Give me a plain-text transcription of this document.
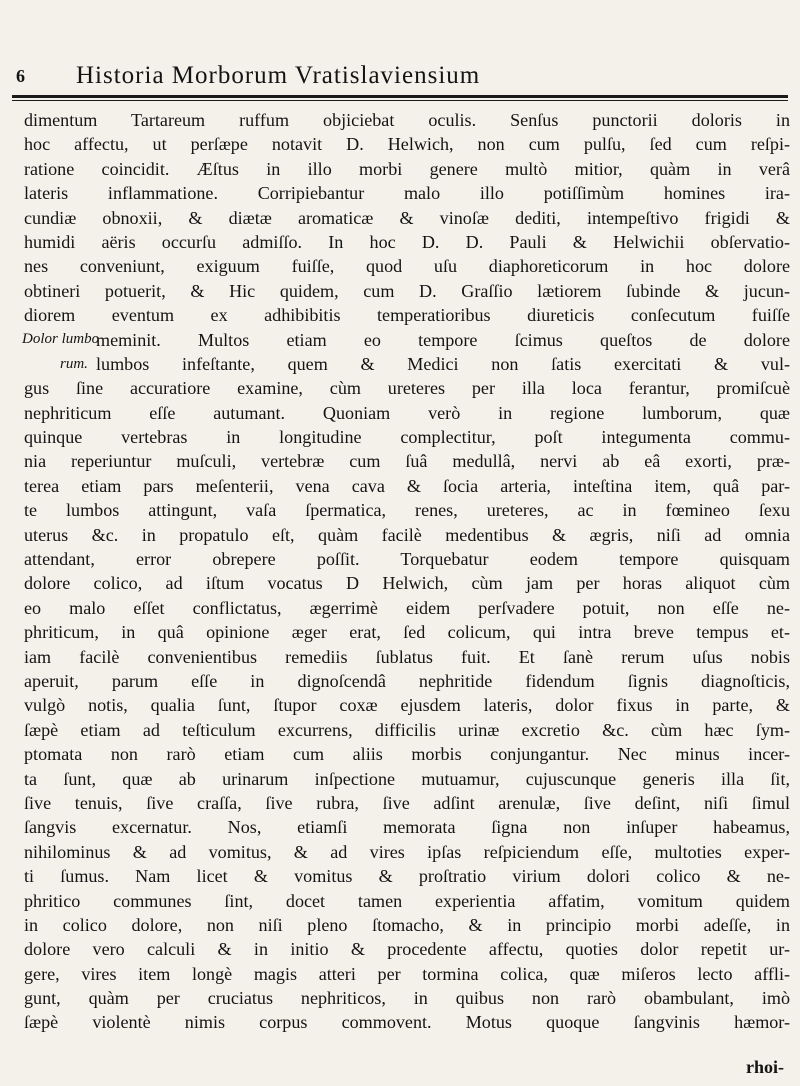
6 Historia Morborum Vratislaviensium
dimentum Tartareum ruffum objiciebat oculis. Senſus punctorii doloris in
hoc affectu, ut perſæpe notavit D. Helwich, non cum pulſu, ſed cum reſpi-
ratione coincidit. Æſtus in illo morbi genere multò mitior, quàm in verâ
lateris inflammatione. Corripiebantur malo illo potiſſimùm homines ira-
cundiæ obnoxii, & diætæ aromaticæ & vinoſæ dediti, intempeſtivo frigidi &
humidi aëris occurſu admiſſo. In hoc D. D. Pauli & Helwichii obſervatio-
nes conveniunt, exiguum fuiſſe, quod uſu diaphoreticorum in hoc dolore
obtineri potuerit, & Hic quidem, cum D. Graſſio lætiorem ſubinde & jucun-
diorem eventum ex adhibibitis temperatioribus diureticis conſecutum fuiſſe
meminit. Multos etiam eo tempore ſcimus queſtos de dolore
lumbos infeſtante, quem & Medici non ſatis exercitati & vul-
gus ſine accuratiore examine, cùm ureteres per illa loca ferantur, promiſcuè
nephriticum eſſe autumant. Quoniam verò in regione lumborum, quæ
quinque vertebras in longitudine complectitur, poſt integumenta commu-
nia reperiuntur muſculi, vertebræ cum ſuâ medullâ, nervi ab eâ exorti, præ-
terea etiam pars meſenterii, vena cava & ſocia arteria, inteſtina item, quâ par-
te lumbos attingunt, vaſa ſpermatica, renes, ureteres, ac in fœmineo ſexu
uterus &c. in propatulo eſt, quàm facilè medentibus & ægris, niſi ad omnia
attendant, error obrepere poſſit. Torquebatur eodem tempore quisquam
dolore colico, ad iſtum vocatus D Helwich, cùm jam per horas aliquot cùm
eo malo eſſet conflictatus, ægerrimè eidem perſvadere potuit, non eſſe ne-
phriticum, in quâ opinione æger erat, ſed colicum, qui intra breve tempus et-
iam facilè convenientibus remediis ſublatus fuit. Et ſanè rerum uſus nobis
aperuit, parum eſſe in dignoſcendâ nephritide fidendum ſignis diagnoſticis,
vulgò notis, qualia ſunt, ſtupor coxæ ejusdem lateris, dolor fixus in parte, &
ſæpè etiam ad teſticulum excurrens, difficilis urinæ excretio &c. cùm hæc ſym-
ptomata non rarò etiam cum aliis morbis conjungantur. Nec minus incer-
ta ſunt, quæ ab urinarum inſpectione mutuamur, cujuscunque generis illa ſit,
ſive tenuis, ſive craſſa, ſive rubra, ſive adſint arenulæ, ſive deſint, niſi ſimul
ſangvis excernatur. Nos, etiamſi memorata ſigna non inſuper habeamus,
nihilominus & ad vomitus, & ad vires ipſas reſpiciendum eſſe, multoties exper-
ti ſumus. Nam licet & vomitus & proſtratio virium dolori colico & ne-
phritico communes ſint, docet tamen experientia affatim, vomitum quidem
in colico dolore, non niſi pleno ſtomacho, & in principio morbi adeſſe, in
dolore vero calculi & in initio & procedente affectu, quoties dolor repetit ur-
gere, vires item longè magis atteri per tormina colica, quæ miſeros lecto affli-
gunt, quàm per cruciatus nephriticos, in quibus non rarò obambulant, imò
ſæpè violentè nimis corpus commovent. Motus quoque ſangvinis hæmor-
Dolor lumbo
rum.
rhoi-
